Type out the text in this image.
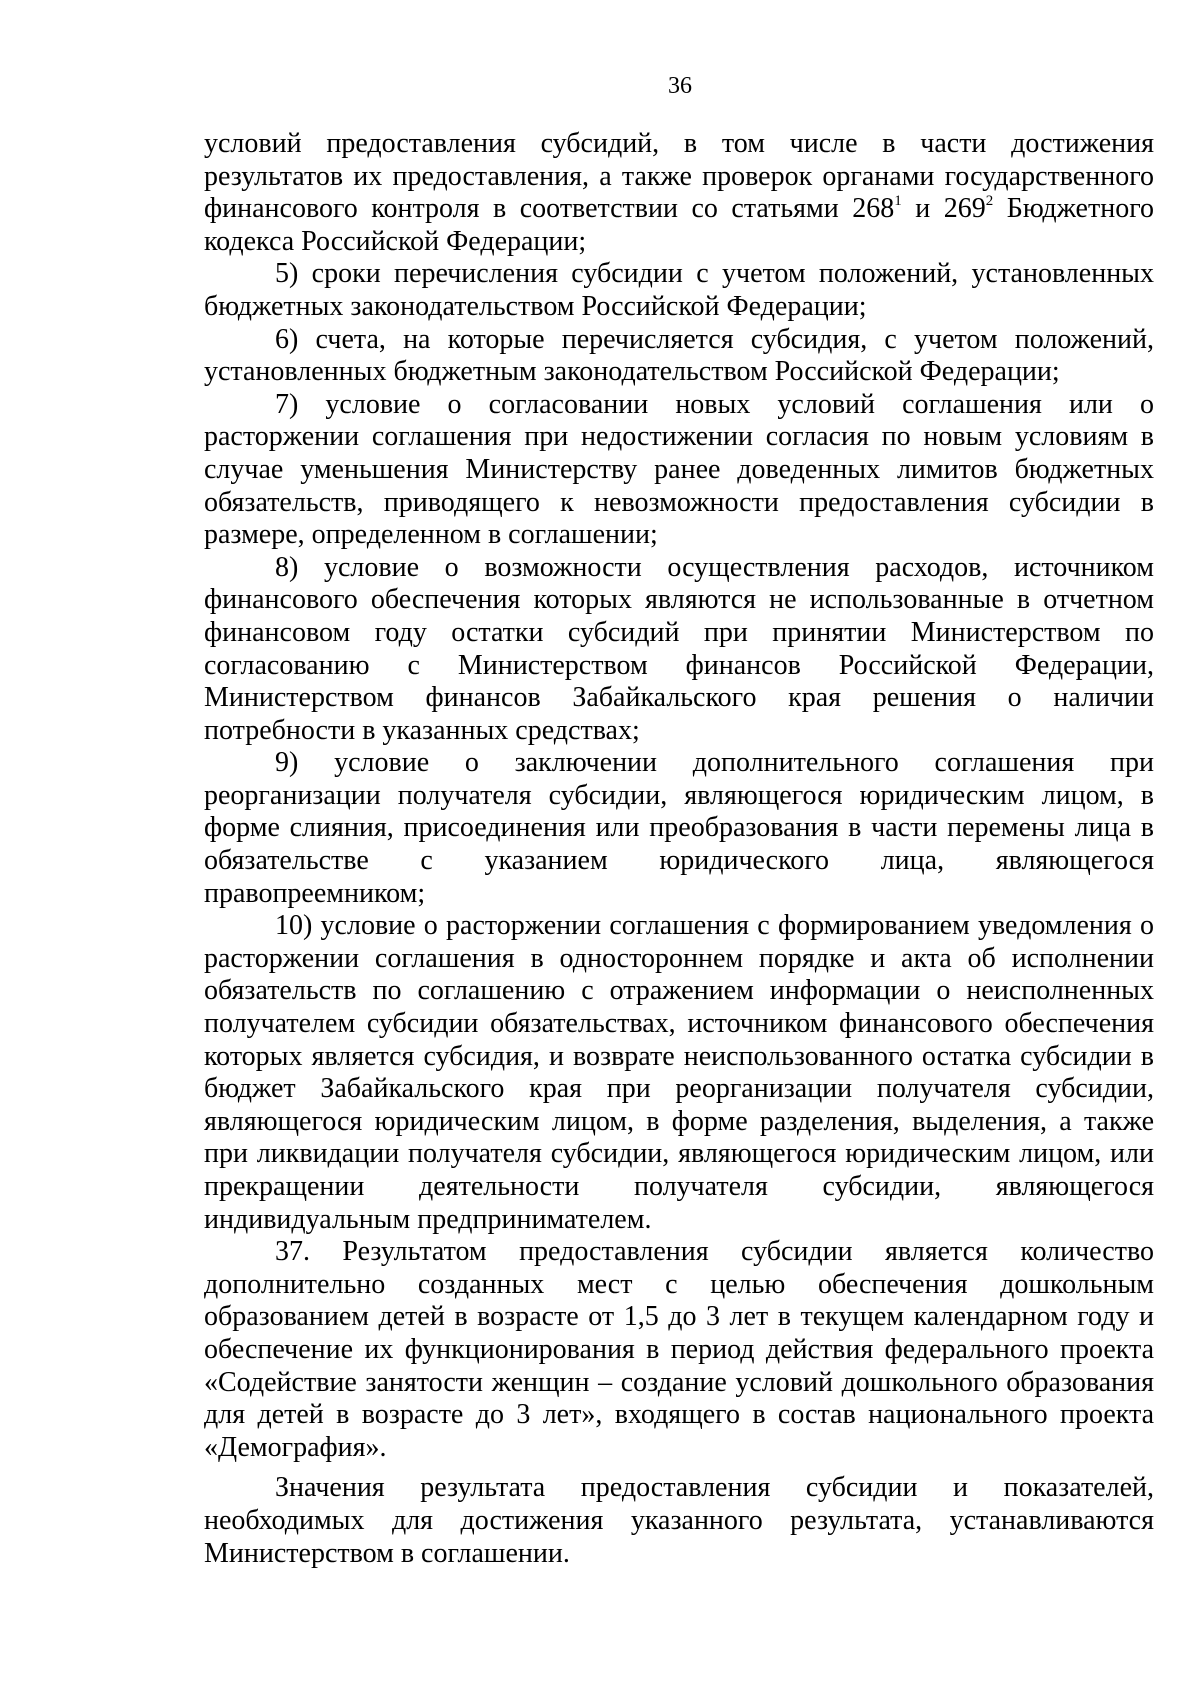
36

условий предоставления субсидий, в том числе в части достижения результатов их предоставления, а также проверок органами государственного финансового контроля в соответствии со статьями $268^1$ и $269^2$ Бюджетного кодекса Российской Федерации;

5) сроки перечисления субсидии с учетом положений, установленных бюджетных законодательством Российской Федерации;

6) счета, на которые перечисляется субсидия, с учетом положений, установленных бюджетным законодательством Российской Федерации;

7) условие о согласовании новых условий соглашения или о расторжении соглашения при недостижении согласия по новым условиям в случае уменьшения Министерству ранее доведенных лимитов бюджетных обязательств, приводящего к невозможности предоставления субсидии в размере, определенном в соглашении;

8) условие о возможности осуществления расходов, источником финансового обеспечения которых являются не использованные в отчетном финансовом году остатки субсидий при принятии Министерством по согласованию с Министерством финансов Российской Федерации, Министерством финансов Забайкальского края решения о наличии потребности в указанных средствах;

9) условие о заключении дополнительного соглашения при реорганизации получателя субсидии, являющегося юридическим лицом, в форме слияния, присоединения или преобразования в части перемены лица в обязательстве с указанием юридического лица, являющегося правопреемником;

10) условие о расторжении соглашения с формированием уведомления о расторжении соглашения в одностороннем порядке и акта об исполнении обязательств по соглашению с отражением информации о неисполненных получателем субсидии обязательствах, источником финансового обеспечения которых является субсидия, и возврате неиспользованного остатка субсидии в бюджет Забайкальского края при реорганизации получателя субсидии, являющегося юридическим лицом, в форме разделения, выделения, а также при ликвидации получателя субсидии, являющегося юридическим лицом, или прекращении деятельности получателя субсидии, являющегося индивидуальным предпринимателем.

37. Результатом предоставления субсидии является количество дополнительно созданных мест с целью обеспечения дошкольным образованием детей в возрасте от 1,5 до 3 лет в текущем календарном году и обеспечение их функционирования в период действия федерального проекта «Содействие занятости женщин – создание условий дошкольного образования для детей в возрасте до 3 лет», входящего в состав национального проекта «Демография».

Значения результата предоставления субсидии и показателей, необходимых для достижения указанного результата, устанавливаются Министерством в соглашении.
